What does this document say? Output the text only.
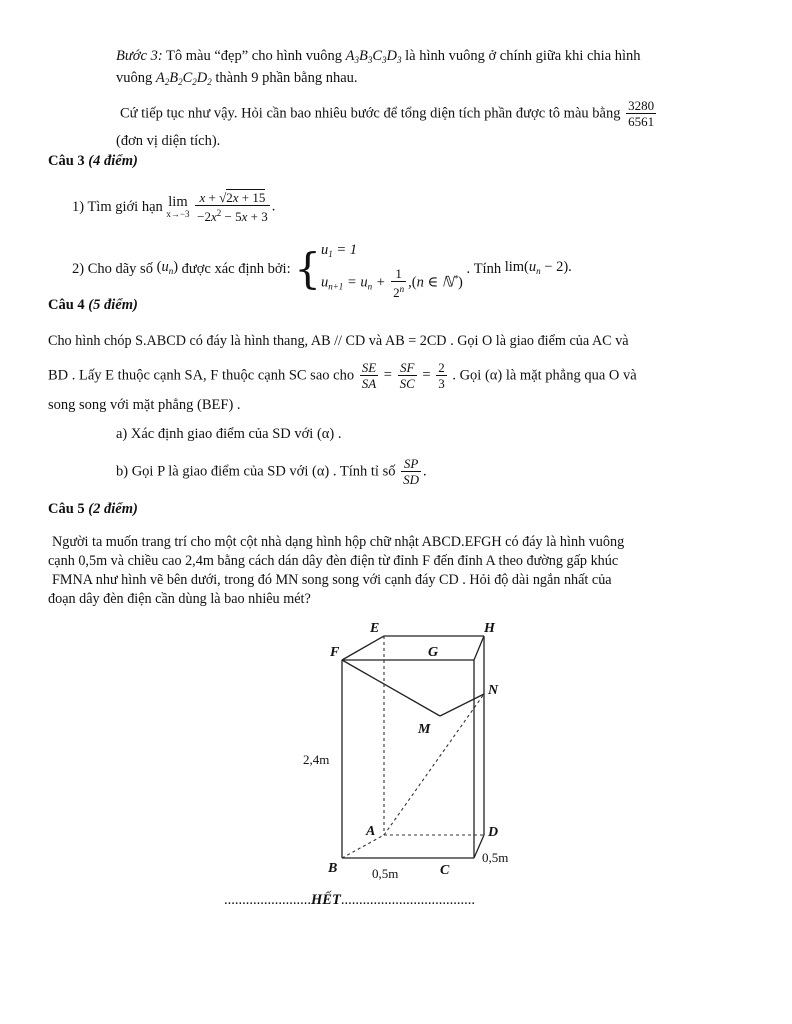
Bước 3: Tô màu “đẹp” cho hình vuông $A_3B_3C_3D_3$ là hình vuông ở chính giữa khi chia hình
vuông $A_2B_2C_2D_2$ thành 9 phần bằng nhau.
Cứ tiếp tục như vậy. Hỏi cần bao nhiêu bước để tổng diện tích phần được tô màu bằng $\frac{3280}{6561}$
(đơn vị diện tích).
Câu 3 (4 điểm)
1) Tìm giới hạn lim
x→−3
$\frac{x + √2x + 15}{-2x^2 - 5x + 3}$ .
2) Cho dãy số $(u_n)$ được xác định bởi: {$u_1 = 1$
$u_{n+1} = u_n + \frac{1}{2^n} ,(n$ ∈ ℕ*) . Tính $\lim(u_n - 2)$.
Câu 4 (5 điểm)
Cho hình chóp S.ABCD có đáy là hình thang, AB // CD và AB = 2CD . Gọi O là giao điểm của AC và
BD . Lấy E thuộc cạnh SA, F thuộc cạnh SC sao cho $\frac{SE}{SA} = \frac{SF}{SC} = \frac{2}{3}$ . Gọi (α) là mặt phẳng qua O và
song song với mặt phẳng (BEF) .
a) Xác định giao điểm của SD với (α) .
b) Gọi P là giao điểm của SD với (α) . Tính tỉ số $\frac{SP}{SD}$ .
Câu 5 (2 điểm)
Người ta muốn trang trí cho một cột nhà dạng hình hộp chữ nhật ABCD.EFGH có đáy là hình vuông
cạnh 0,5m và chiều cao 2,4m bằng cách dán dây đèn điện từ đỉnh F đến đỉnh A theo đường gấp khúc
FMNA như hình vẽ bên dưới, trong đó MN song song với cạnh đáy CD . Hỏi độ dài ngắn nhất của
đoạn dây đèn điện cần dùng là bao nhiêu mét?
E	H
F	G
N
M
A	D
B	C
2,4m
0,5m
0,5m
........................HẾT.....................................
